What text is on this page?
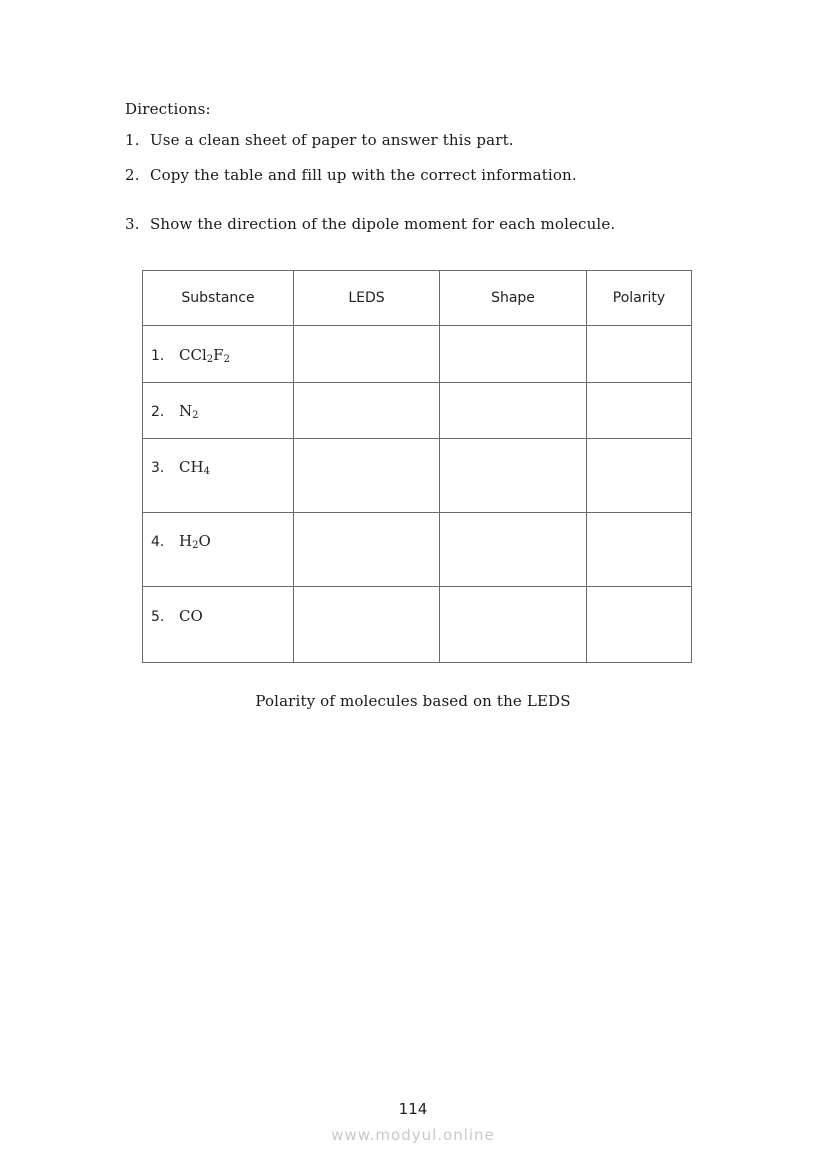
Directions:
1. Use a clean sheet of paper to answer this part.
2. Copy the table and fill up with the correct information.
3. Show the direction of the dipole moment for each molecule.
Substance	LEDS	Shape	Polarity

1. $CCl_2F_2$

2. $N_2$

3. $CH_4$

4. $H_2O$			

5. CO			

Polarity of molecules based on the LEDS
114
www.modyul.online
